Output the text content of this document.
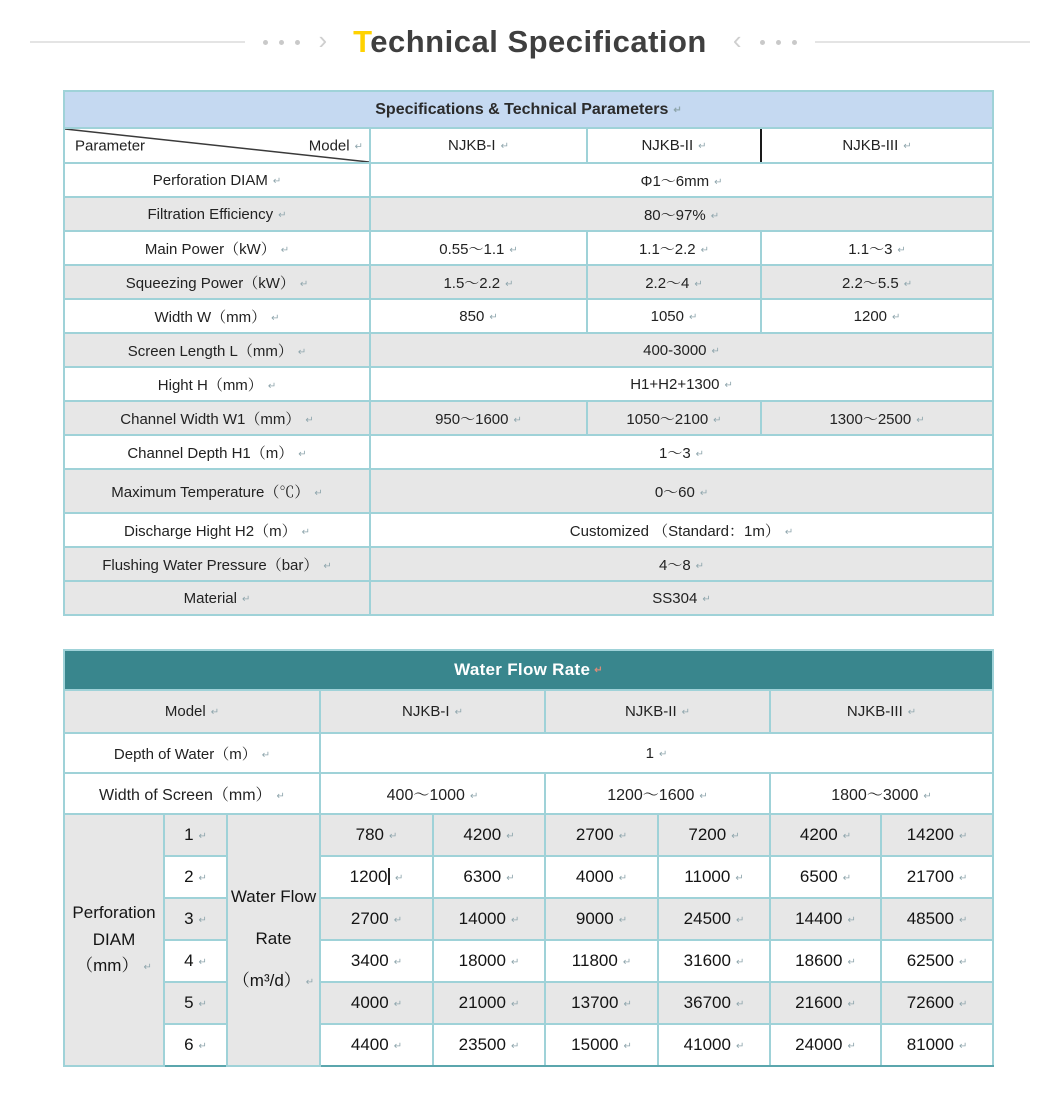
› Technical Specification	‹
Specifications & Technical Parameters ↵

Parameter Model ↵	NJKB-I ↵	NJKB-II ↵	NJKB-III ↵
Perforation DIAM ↵	Φ1～6mm ↵
Filtration Efficiency ↵	80～97% ↵
Main Power（kW） ↵	0.55～1.1 ↵	1.1～2.2 ↵	1.1～3 ↵
Squeezing Power（kW） ↵	1.5～2.2 ↵	2.2～4 ↵	2.2～5.5 ↵
Width W（mm） ↵	850 ↵	1050 ↵	1200 ↵
Screen Length L（mm） ↵	400-3000 ↵
Hight H（mm） ↵	H1+H2+1300 ↵
Channel Width W1（mm） ↵	950～1600 ↵	1050～2100 ↵	1300～2500 ↵
Channel Depth H1（m） ↵	1～3 ↵
Maximum Temperature（℃） ↵	0～60 ↵
Discharge Hight H2（m） ↵	Customized （Standard：1m） ↵
Flushing Water Pressure（bar） ↵	4～8 ↵
Material ↵	SS304 ↵
Water Flow Rate ↵
Model ↵			NJKB-I ↵		NJKB-II ↵		NJKB-III ↵
Depth of Water（m） ↵			1 ↵
Width of Screen（mm） ↵			400～1000 ↵		1200～1600 ↵		1800～3000 ↵
Perforation DIAM（mm） ↵	1 ↵	Water Flow Rate（m³/d） ↵	780 ↵	4200 ↵	2700 ↵	7200 ↵	4200 ↵	14200 ↵
	2 ↵		1200 ↵	6300 ↵	4000 ↵	11000 ↵	6500 ↵	21700 ↵
	3 ↵		2700 ↵	14000 ↵	9000 ↵	24500 ↵	14400 ↵	48500 ↵
	4 ↵		3400 ↵	18000 ↵	11800 ↵	31600 ↵	18600 ↵	62500 ↵
	5 ↵		4000 ↵	21000 ↵	13700 ↵	36700 ↵	21600 ↵	72600 ↵
	6 ↵		4400 ↵	23500 ↵	15000 ↵	41000 ↵	24000 ↵	81000 ↵
